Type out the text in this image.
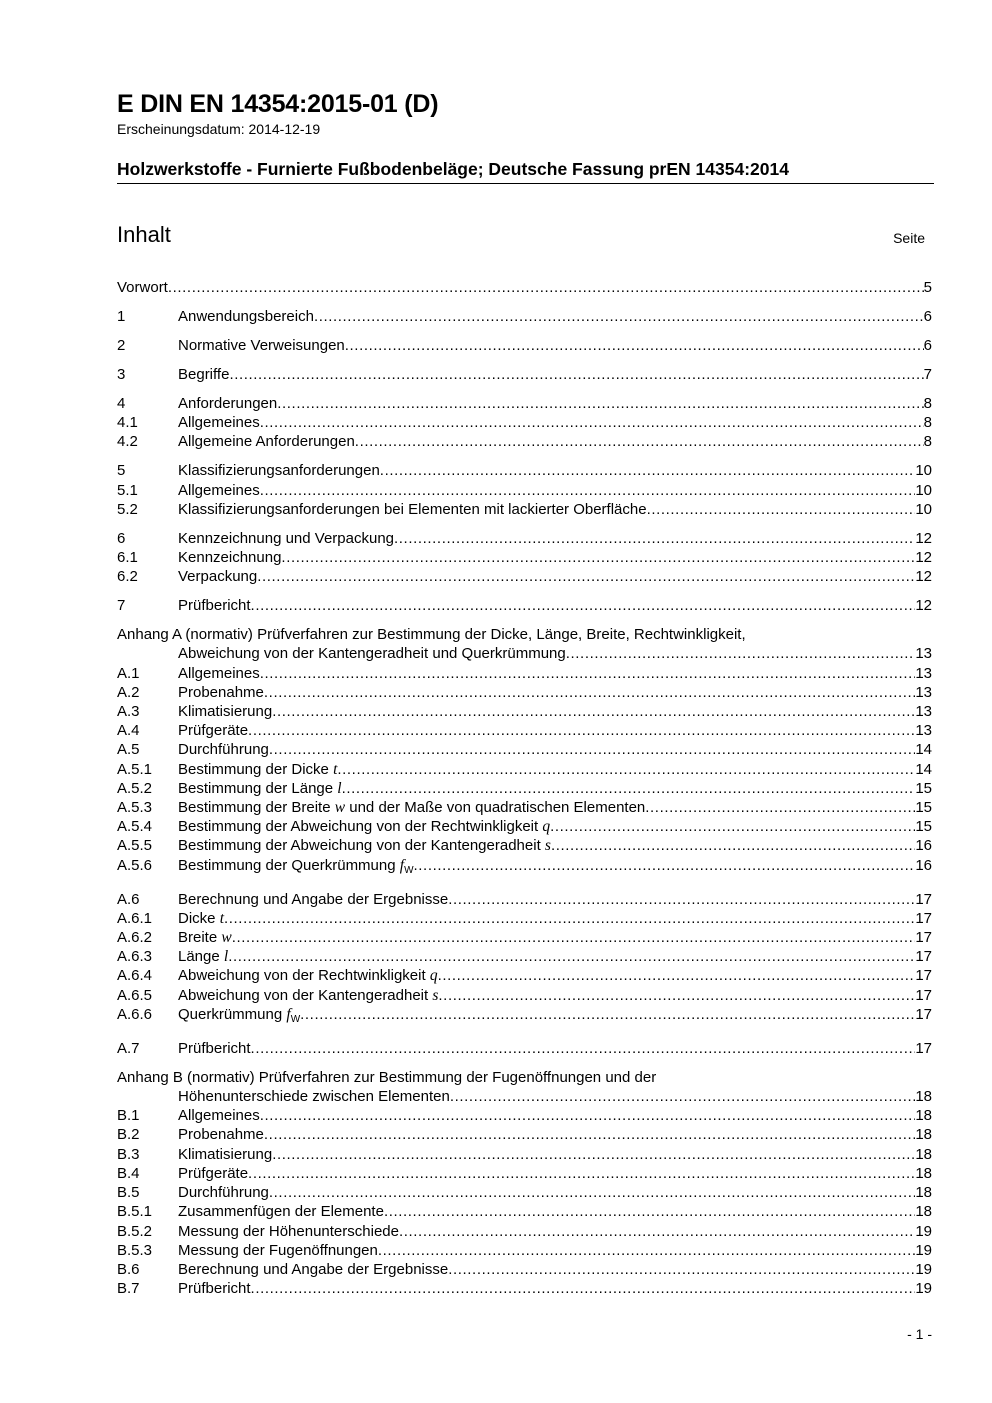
E DIN EN 14354:2015-01 (D)
Erscheinungsdatum: 2014-12-19
Holzwerkstoffe - Furnierte Fußbodenbeläge; Deutsche Fassung prEN 14354:2014
Inhalt	Seite
Vorwort .....	5
1	Anwendungsbereich .....	6
2	Normative Verweisungen .....	6
3	Begriffe .....	7
4	Anforderungen .....	8
4.1	Allgemeines .....	8
4.2	Allgemeine Anforderungen .....	8
5	Klassifizierungsanforderungen .....	10
5.1	Allgemeines .....	10
5.2	Klassifizierungsanforderungen bei Elementen mit lackierter Oberfläche .....	10
6	Kennzeichnung und Verpackung .....	12
6.1	Kennzeichnung .....	12
6.2	Verpackung .....	12
7	Prüfbericht .....	12
Anhang A (normativ) Prüfverfahren zur Bestimmung der Dicke, Länge, Breite, Rechtwinkligkeit,
Abweichung von der Kantengeradheit und Querkrümmung .....	13
A.1	Allgemeines .....	13
A.2	Probenahme .....	13
A.3	Klimatisierung .....	13
A.4	Prüfgeräte .....	13
A.5	Durchführung .....	14
A.5.1	Bestimmung der Dicke t .....	14
A.5.2	Bestimmung der Länge l .....	15
A.5.3	Bestimmung der Breite w und der Maße von quadratischen Elementen .....	15
A.5.4	Bestimmung der Abweichung von der Rechtwinkligkeit q .....	15
A.5.5	Bestimmung der Abweichung von der Kantengeradheit s .....	16
A.5.6	Bestimmung der Querkrümmung $f_W$ .....	16
A.6	Berechnung und Angabe der Ergebnisse .....	17
A.6.1	Dicke t .....	17
A.6.2	Breite w .....	17
A.6.3	Länge l .....	17
A.6.4	Abweichung von der Rechtwinkligkeit q .....	17
A.6.5	Abweichung von der Kantengeradheit s .....	17
A.6.6	Querkrümmung $f_W$ .....	17
A.7	Prüfbericht .....	17
Anhang B (normativ) Prüfverfahren zur Bestimmung der Fugenöffnungen und der
Höhenunterschiede zwischen Elementen .....	18
B.1	Allgemeines .....	18
B.2	Probenahme .....	18
B.3	Klimatisierung .....	18
B.4	Prüfgeräte .....	18
B.5	Durchführung .....	18
B.5.1	Zusammenfügen der Elemente .....	18
B.5.2	Messung der Höhenunterschiede .....	19
B.5.3	Messung der Fugenöffnungen .....	19
B.6	Berechnung und Angabe der Ergebnisse .....	19
B.7	Prüfbericht .....	19
- 1 -
